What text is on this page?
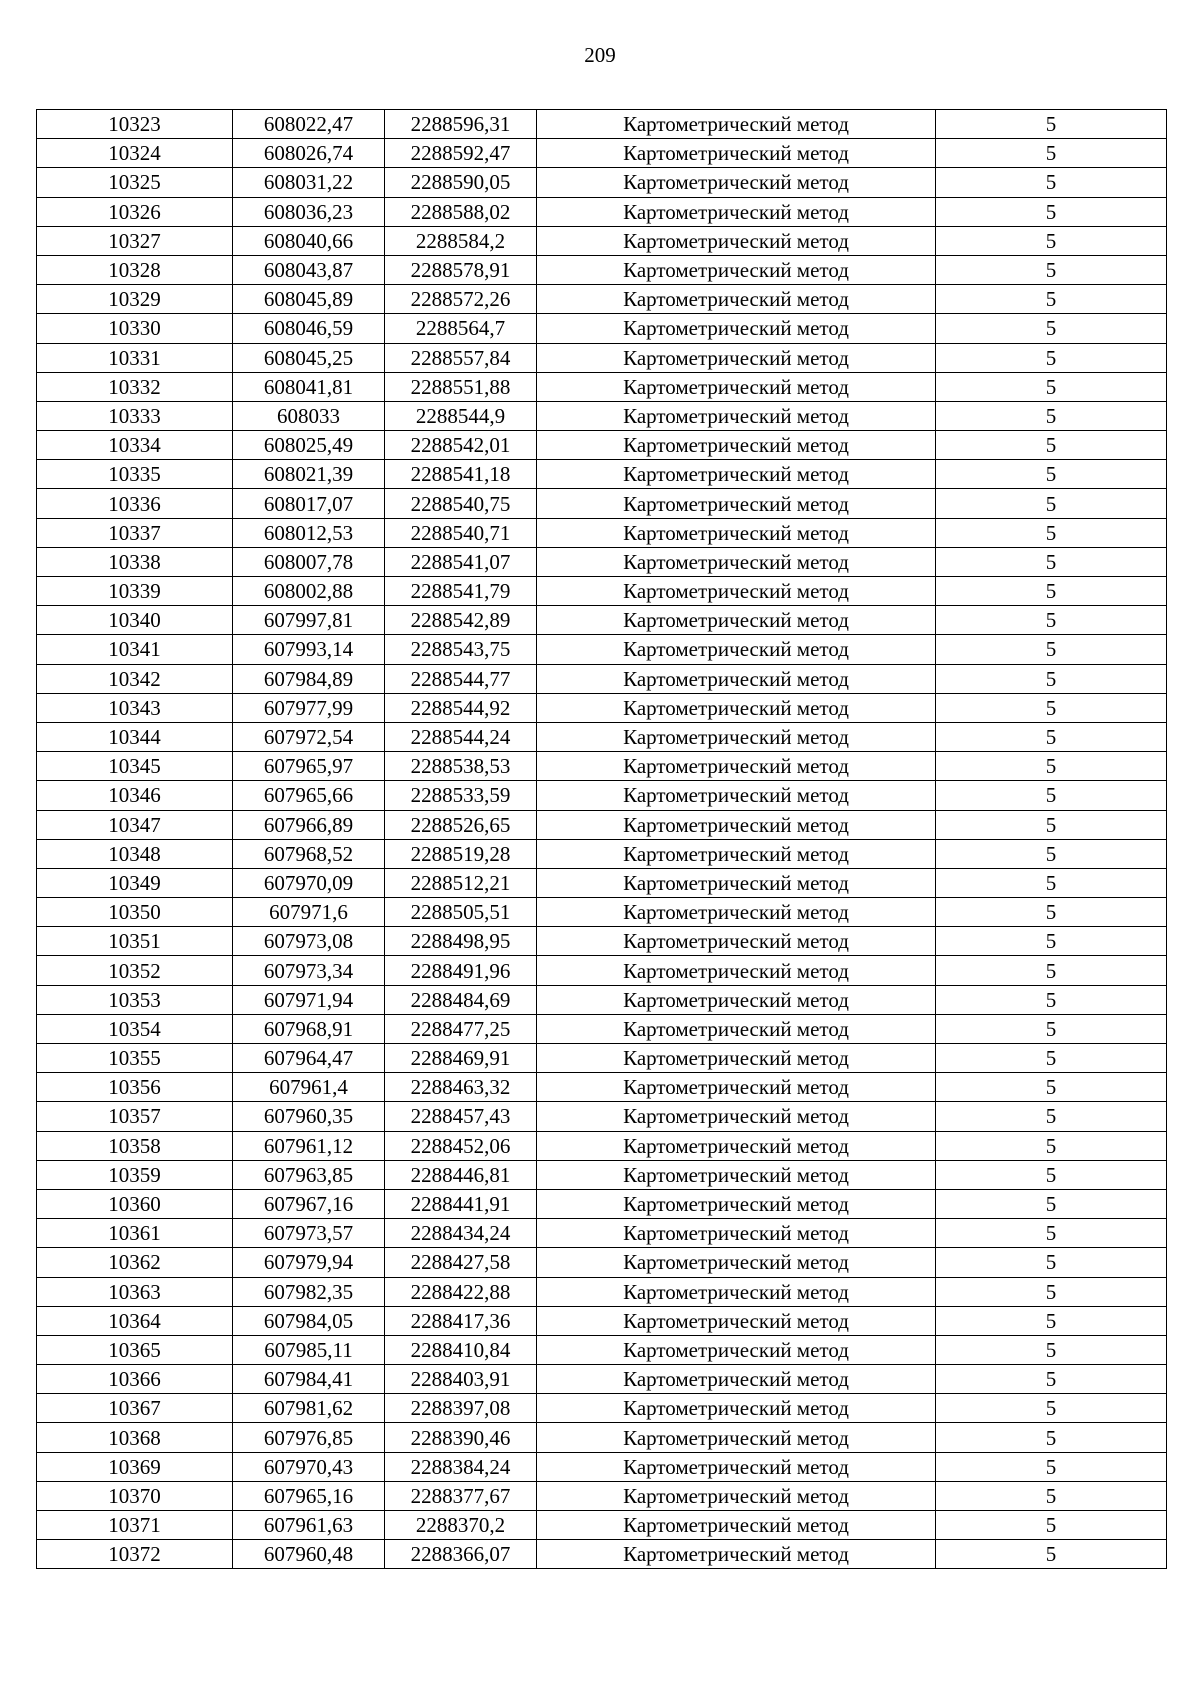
209
10323	608022,47	2288596,31	Картометрический метод	5
10324	608026,74	2288592,47	Картометрический метод	5
10325	608031,22	2288590,05	Картометрический метод	5
10326	608036,23	2288588,02	Картометрический метод	5
10327	608040,66	2288584,2	Картометрический метод	5
10328	608043,87	2288578,91	Картометрический метод	5
10329	608045,89	2288572,26	Картометрический метод	5
10330	608046,59	2288564,7	Картометрический метод	5
10331	608045,25	2288557,84	Картометрический метод	5
10332	608041,81	2288551,88	Картометрический метод	5
10333	608033	2288544,9	Картометрический метод	5
10334	608025,49	2288542,01	Картометрический метод	5
10335	608021,39	2288541,18	Картометрический метод	5
10336	608017,07	2288540,75	Картометрический метод	5
10337	608012,53	2288540,71	Картометрический метод	5
10338	608007,78	2288541,07	Картометрический метод	5
10339	608002,88	2288541,79	Картометрический метод	5
10340	607997,81	2288542,89	Картометрический метод	5
10341	607993,14	2288543,75	Картометрический метод	5
10342	607984,89	2288544,77	Картометрический метод	5
10343	607977,99	2288544,92	Картометрический метод	5
10344	607972,54	2288544,24	Картометрический метод	5
10345	607965,97	2288538,53	Картометрический метод	5
10346	607965,66	2288533,59	Картометрический метод	5
10347	607966,89	2288526,65	Картометрический метод	5
10348	607968,52	2288519,28	Картометрический метод	5
10349	607970,09	2288512,21	Картометрический метод	5
10350	607971,6	2288505,51	Картометрический метод	5
10351	607973,08	2288498,95	Картометрический метод	5
10352	607973,34	2288491,96	Картометрический метод	5
10353	607971,94	2288484,69	Картометрический метод	5
10354	607968,91	2288477,25	Картометрический метод	5
10355	607964,47	2288469,91	Картометрический метод	5
10356	607961,4	2288463,32	Картометрический метод	5
10357	607960,35	2288457,43	Картометрический метод	5
10358	607961,12	2288452,06	Картометрический метод	5
10359	607963,85	2288446,81	Картометрический метод	5
10360	607967,16	2288441,91	Картометрический метод	5
10361	607973,57	2288434,24	Картометрический метод	5
10362	607979,94	2288427,58	Картометрический метод	5
10363	607982,35	2288422,88	Картометрический метод	5
10364	607984,05	2288417,36	Картометрический метод	5
10365	607985,11	2288410,84	Картометрический метод	5
10366	607984,41	2288403,91	Картометрический метод	5
10367	607981,62	2288397,08	Картометрический метод	5
10368	607976,85	2288390,46	Картометрический метод	5
10369	607970,43	2288384,24	Картометрический метод	5
10370	607965,16	2288377,67	Картометрический метод	5
10371	607961,63	2288370,2	Картометрический метод	5
10372	607960,48	2288366,07	Картометрический метод	5
